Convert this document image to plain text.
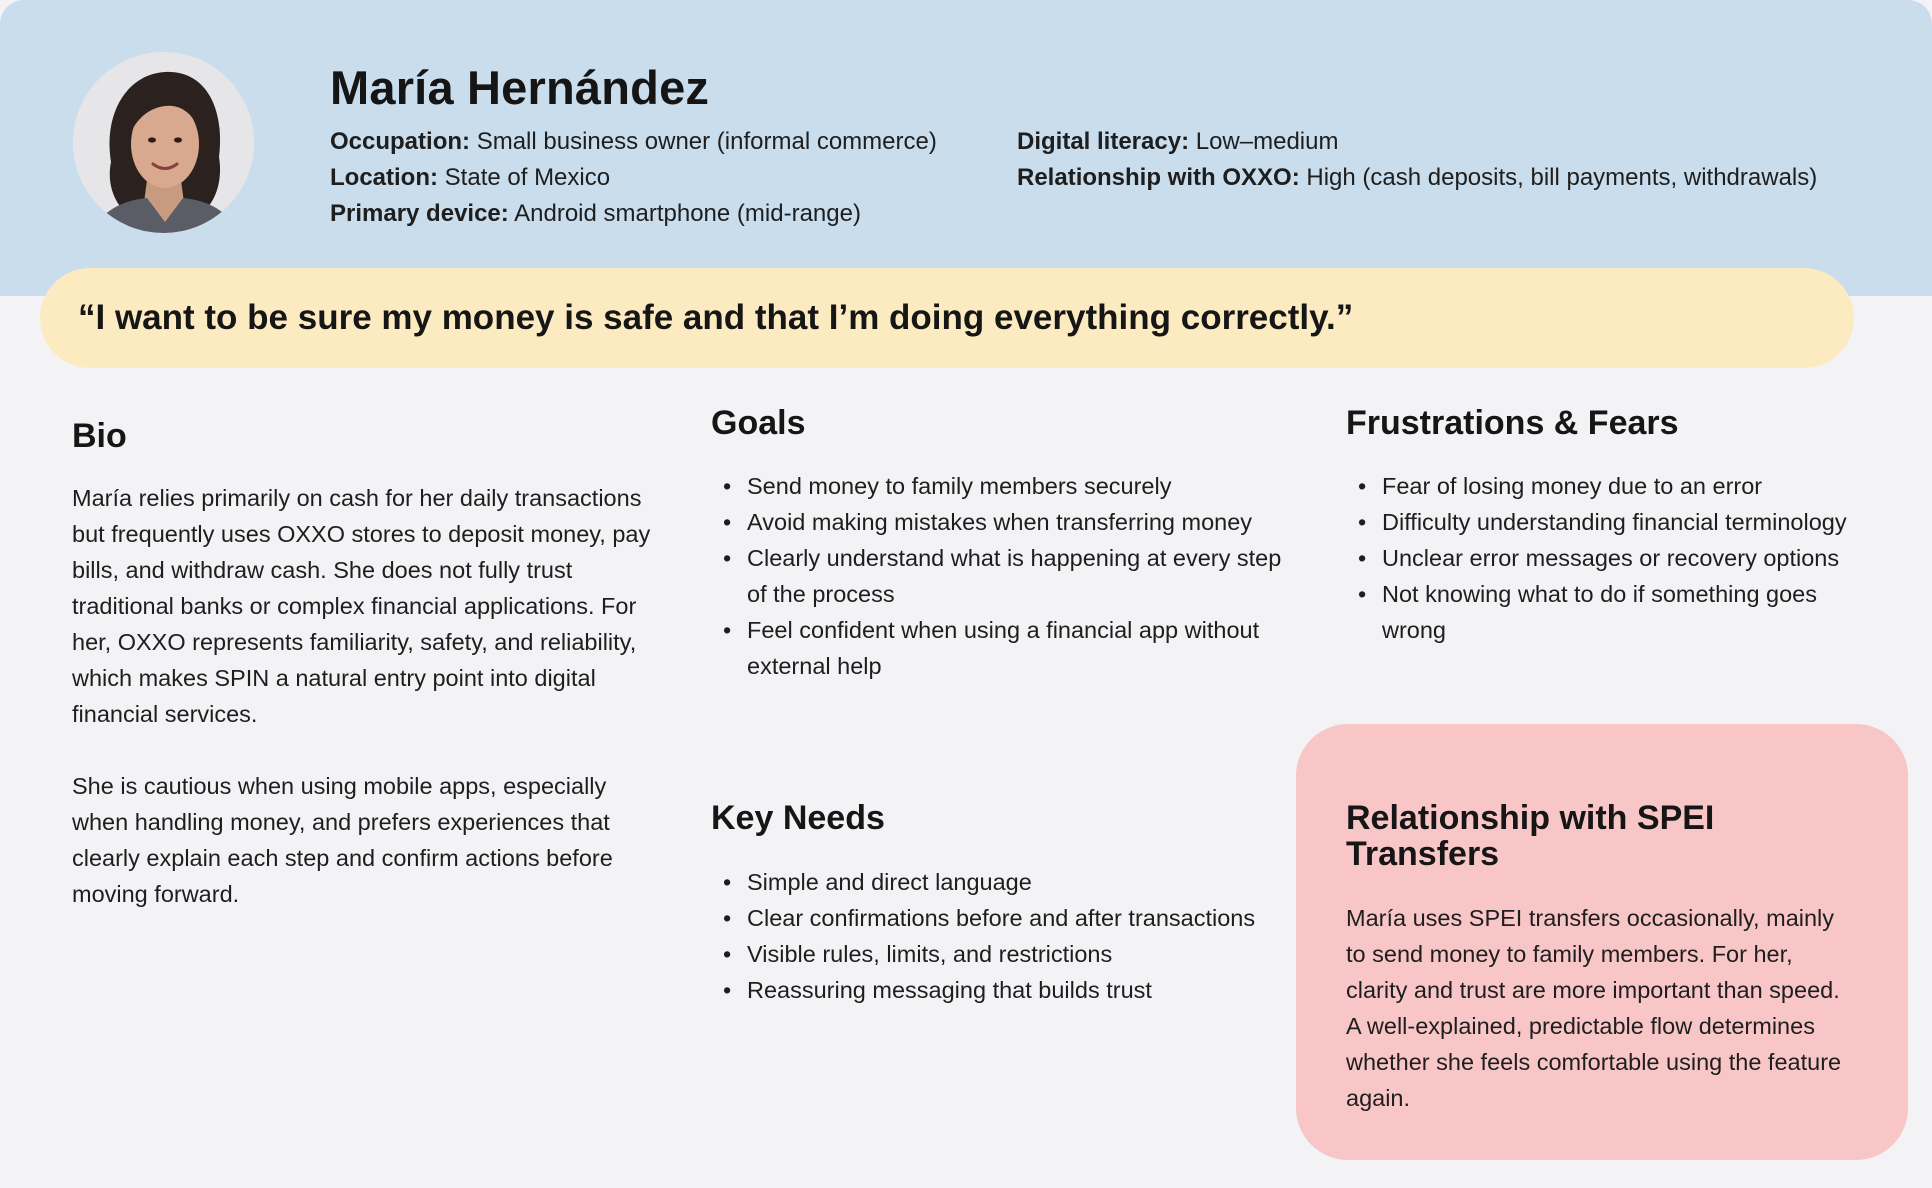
María Hernández
Occupation: Small business owner (informal commerce)
Location: State of Mexico
Primary device: Android smartphone (mid-range)
Digital literacy: Low–medium
Relationship with OXXO: High (cash deposits, bill payments, withdrawals)
“I want to be sure my money is safe and that I’m doing everything correctly.”
Bio

María relies primarily on cash for her daily transactions but frequently uses OXXO stores to deposit money, pay bills, and withdraw cash. She does not fully trust traditional banks or complex financial applications. For her, OXXO represents familiarity, safety, and reliability, which makes SPIN a natural entry point into digital financial services.

She is cautious when using mobile apps, especially when handling money, and prefers experiences that clearly explain each step and confirm actions before moving forward.

Goals
• Send money to family members securely
• Avoid making mistakes when transferring money
• Clearly understand what is happening at every step of the process
• Feel confident when using a financial app without external help
Frustrations & Fears
• Fear of losing money due to an error
• Difficulty understanding financial terminology
• Unclear error messages or recovery options
• Not knowing what to do if something goes wrong
Key Needs
• Simple and direct language
• Clear confirmations before and after transactions
• Visible rules, limits, and restrictions
• Reassuring messaging that builds trust
Relationship with SPEI Transfers

María uses SPEI transfers occasionally, mainly to send money to family members. For her, clarity and trust are more important than speed. A well-explained, predictable flow determines whether she feels comfortable using the feature again.
